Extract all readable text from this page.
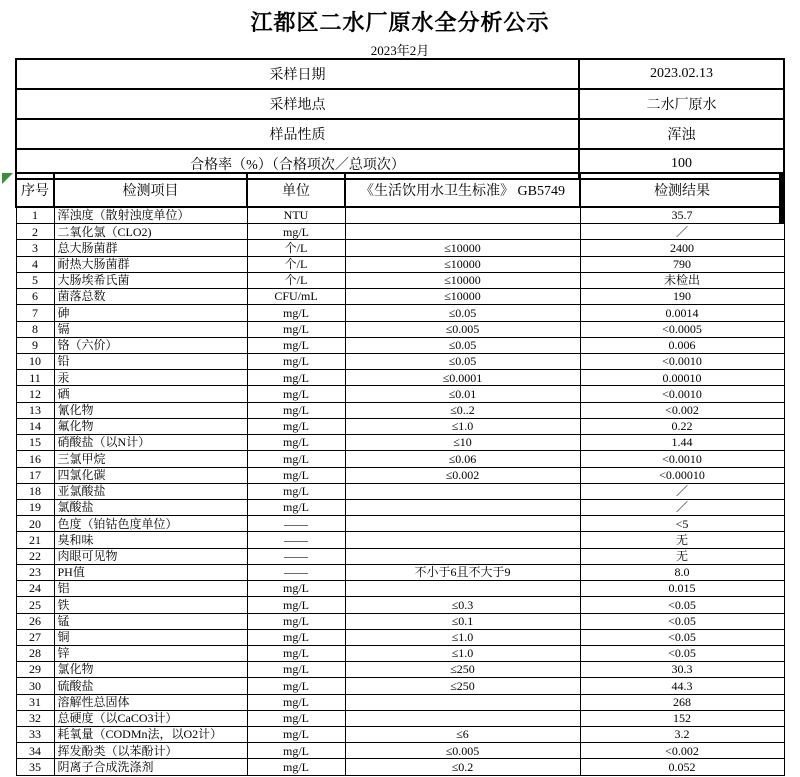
江都区二水厂原水全分析公示
2023年2月
采样日期	2023.02.13
采样地点	二水厂原水
样品性质	浑浊
合格率（%）（合格项次／总项次）	100
序号	检测项目	单位	《生活饮用水卫生标准》 GB5749	检测结果
1	浑浊度（散射浊度单位）	NTU		35.7
2	二氧化氯（CLO2)	mg/L		／
3	总大肠菌群	个/L	≤10000	2400
4	耐热大肠菌群	个/L	≤10000	790
5	大肠埃希氏菌	个/L	≤10000	未检出
6	菌落总数	CFU/mL	≤10000	190
7	砷	mg/L	≤0.05	0.0014
8	镉	mg/L	≤0.005	<0.0005
9	铬（六价）	mg/L	≤0.05	0.006
10	铅	mg/L	≤0.05	<0.0010
11	汞	mg/L	≤0.0001	0.00010
12	硒	mg/L	≤0.01	<0.0010
13	氰化物	mg/L	≤0..2	<0.002
14	氟化物	mg/L	≤1.0	0.22
15	硝酸盐（以N计）	mg/L	≤10	1.44
16	三氯甲烷	mg/L	≤0.06	<0.0010
17	四氯化碳	mg/L	≤0.002	<0.00010
18	亚氯酸盐	mg/L		／
19	氯酸盐	mg/L		／
20	色度（铂钴色度单位）	——		<5
21	臭和味	——		无
22	肉眼可见物	——		无
23	PH值	——	不小于6且不大于9	8.0
24	铝	mg/L		0.015
25	铁	mg/L	≤0.3	<0.05
26	锰	mg/L	≤0.1	<0.05
27	铜	mg/L	≤1.0	<0.05
28	锌	mg/L	≤1.0	<0.05
29	氯化物	mg/L	≤250	30.3
30	硫酸盐	mg/L	≤250	44.3
31	溶解性总固体	mg/L		268
32	总硬度（以CaCO3计）	mg/L		152
33	耗氧量（CODMn法，以O2计）	mg/L	≤6	3.2
34	挥发酚类（以苯酚计）	mg/L	≤0.005	<0.002
35	阴离子合成洗涤剂	mg/L	≤0.2	0.052
